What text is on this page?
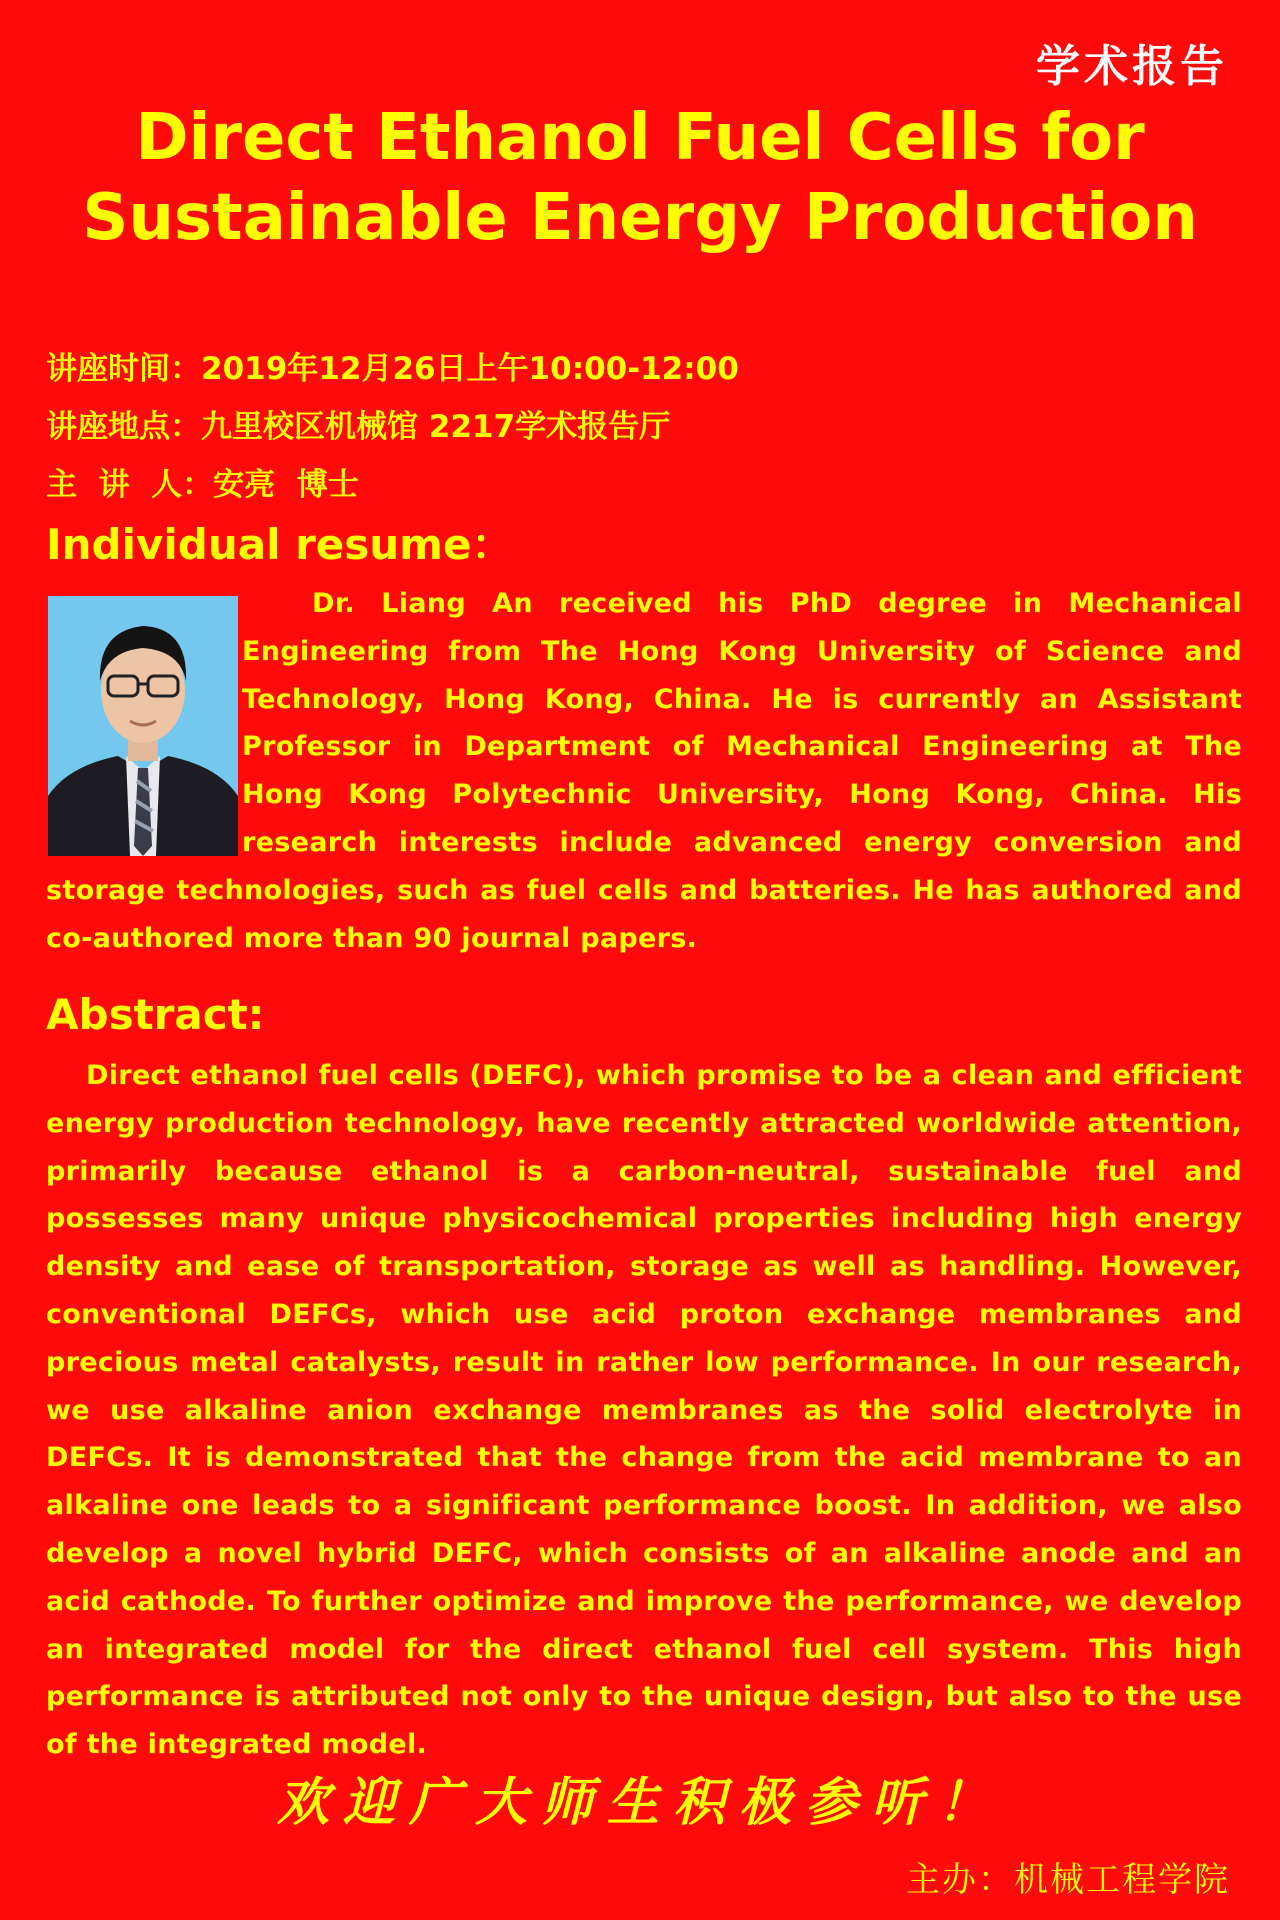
学术报告
Direct Ethanol Fuel Cells for
Sustainable Energy Production
讲座时间：2019年12月26日上午10:00-12:00
讲座地点：九里校区机械馆 2217学术报告厅
主  讲  人：安亮  博士
Individual resume：
Dr. Liang An received his PhD degree in Mechanical Engineering from The Hong Kong University of Science and Technology, Hong Kong, China. He is currently an Assistant Professor in Department of Mechanical Engineering at The Hong Kong Polytechnic University, Hong Kong, China. His research interests include advanced energy conversion and storage technologies, such as fuel cells and batteries. He has authored and co-authored more than 90 journal papers.
Abstract:
Direct ethanol fuel cells (DEFC), which promise to be a clean and efficient energy production technology, have recently attracted worldwide attention, primarily because ethanol is a carbon-neutral, sustainable fuel and possesses many unique physicochemical properties including high energy density and ease of transportation, storage as well as handling. However, conventional DEFCs, which use acid proton exchange membranes and precious metal catalysts, result in rather low performance. In our research, we use alkaline anion exchange membranes as the solid electrolyte in DEFCs. It is demonstrated that the change from the acid membrane to an alkaline one leads to a significant performance boost. In addition, we also develop a novel hybrid DEFC, which consists of an alkaline anode and an acid cathode. To further optimize and improve the performance, we develop an integrated model for the direct ethanol fuel cell system. This high performance is attributed not only to the unique design, but also to the use of the integrated model.
欢迎广大师生积极参听！
主办：机械工程学院
